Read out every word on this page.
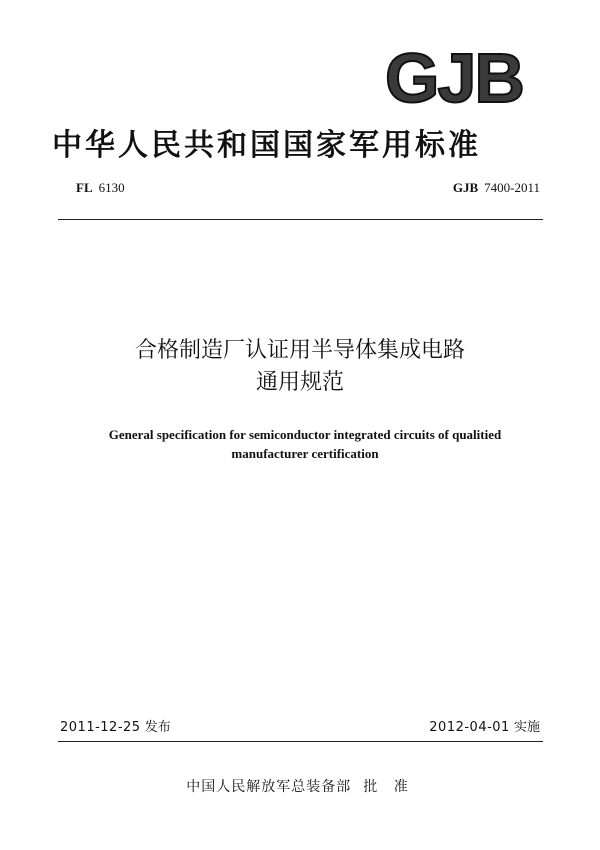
GJB
中华人民共和国国家军用标准
FL 6130	GJB 7400-2011
合格制造厂认证用半导体集成电路
通用规范
General specification for semiconductor integrated circuits of qualitied
manufacturer certification
2011-12-25 发布	2012-04-01 实施
中国人民解放军总装备部 批 准
